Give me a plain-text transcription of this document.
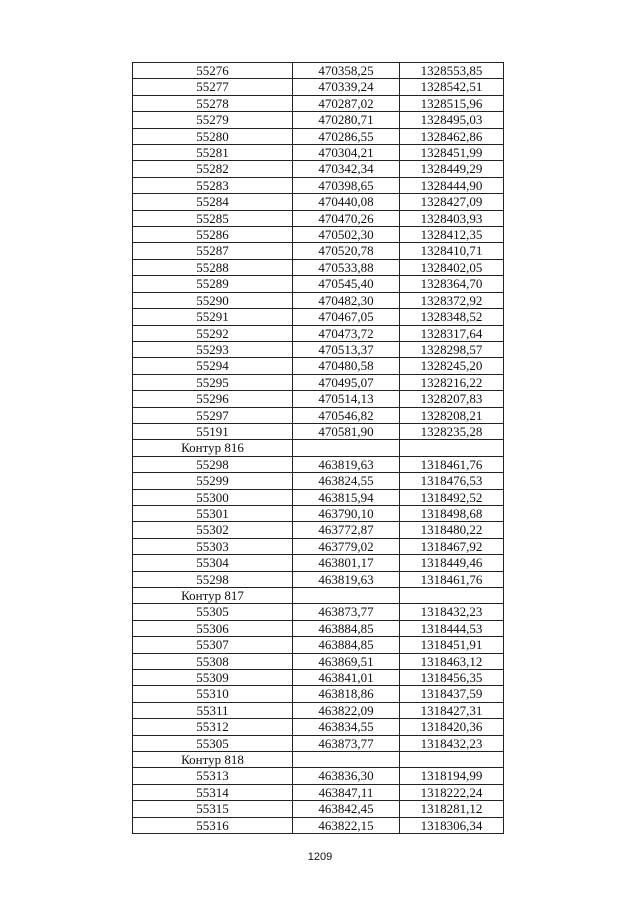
55276	470358,25	1328553,85
55277	470339,24	1328542,51
55278	470287,02	1328515,96
55279	470280,71	1328495,03
55280	470286,55	1328462,86
55281	470304,21	1328451,99
55282	470342,34	1328449,29
55283	470398,65	1328444,90
55284	470440,08	1328427,09
55285	470470,26	1328403,93
55286	470502,30	1328412,35
55287	470520,78	1328410,71
55288	470533,88	1328402,05
55289	470545,40	1328364,70
55290	470482,30	1328372,92
55291	470467,05	1328348,52
55292	470473,72	1328317,64
55293	470513,37	1328298,57
55294	470480,58	1328245,20
55295	470495,07	1328216,22
55296	470514,13	1328207,83
55297	470546,82	1328208,21
55191	470581,90	1328235,28
Контур 816		
55298	463819,63	1318461,76
55299	463824,55	1318476,53
55300	463815,94	1318492,52
55301	463790,10	1318498,68
55302	463772,87	1318480,22
55303	463779,02	1318467,92
55304	463801,17	1318449,46
55298	463819,63	1318461,76
Контур 817		
55305	463873,77	1318432,23
55306	463884,85	1318444,53
55307	463884,85	1318451,91
55308	463869,51	1318463,12
55309	463841,01	1318456,35
55310	463818,86	1318437,59
55311	463822,09	1318427,31
55312	463834,55	1318420,36
55305	463873,77	1318432,23
Контур 818		
55313	463836,30	1318194,99
55314	463847,11	1318222,24
55315	463842,45	1318281,12
55316	463822,15	1318306,34
1209
